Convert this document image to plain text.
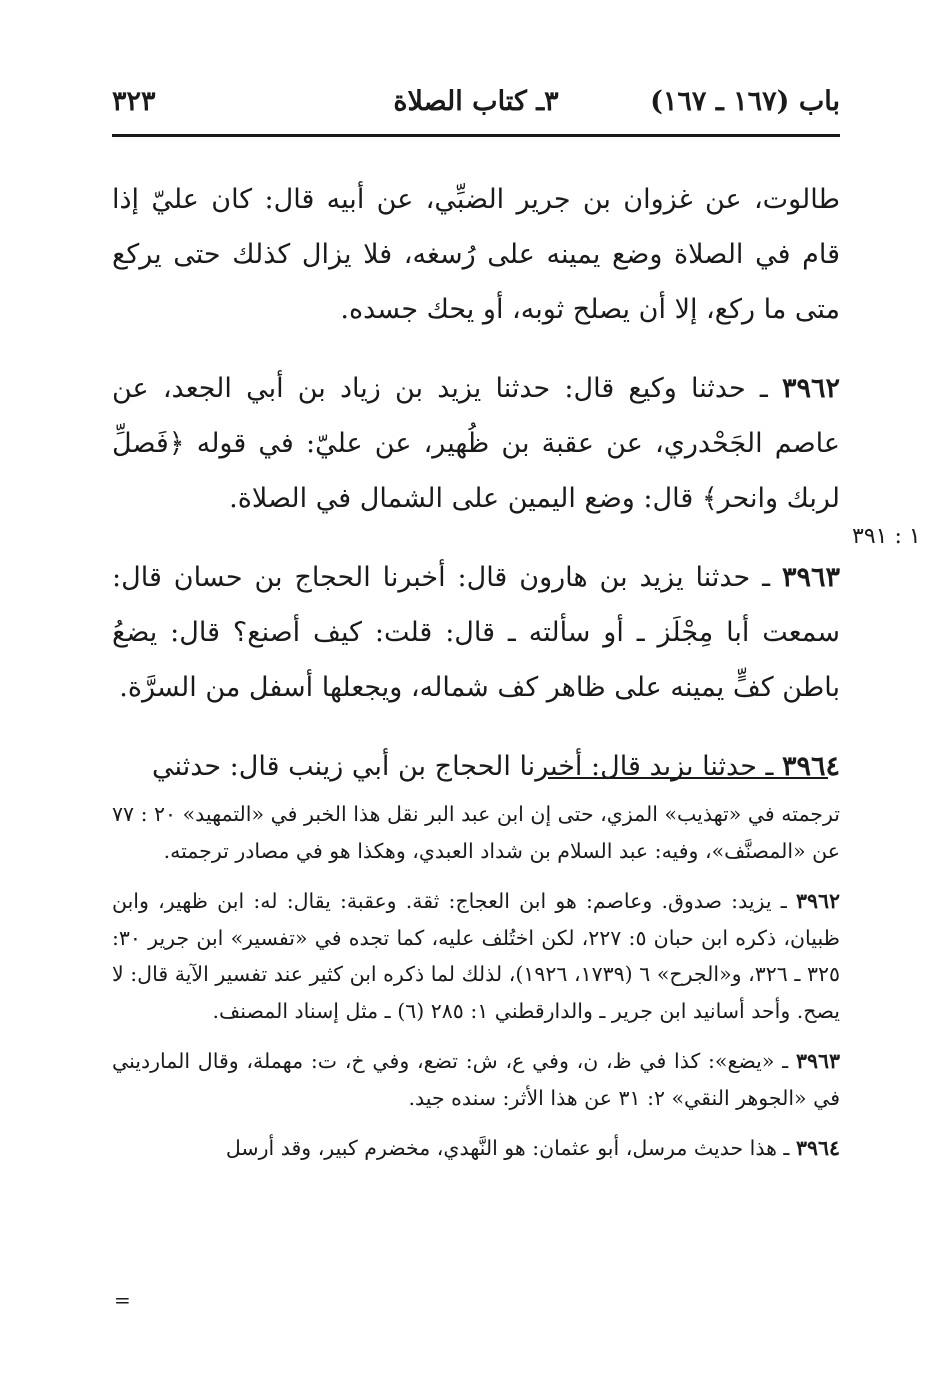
باب (١٦٧ ـ ١٦٧)
٣ـ كتاب الصلاة
٣٢٣

طالوت، عن غزوان بن جرير الضبِّي، عن أبيه قال: كان عليّ إذا قام في الصلاة وضع يمينه على رُسغه، فلا يزال كذلك حتى يركع متى ما ركع، إلا أن يصلح ثوبه، أو يحك جسده.

٣٩٦٢ ـ حدثنا وكيع قال: حدثنا يزيد بن زياد بن أبي الجعد، عن عاصم الجَحْدري، عن عقبة بن ظُهير، عن عليّ: في قوله ﴿فَصلِّ لربك وانحر﴾ قال: وضع اليمين على الشمال في الصلاة.

٣٩٦٣ ـ حدثنا يزيد بن هارون قال: أخبرنا الحجاج بن حسان قال: سمعت أبا مِجْلَز ـ أو سألته ـ قال: قلت: كيف أصنع؟ قال: يضعُ باطن كفٍّ يمينه على ظاهر كف شماله، ويجعلها أسفل من السرَّة.

٣٩٦٤ ـ حدثنا يزيد قال: أخبرنا الحجاج بن أبي زينب قال: حدثني

١ : ٣٩١

ترجمته في «تهذيب» المزي، حتى إن ابن عبد البر نقل هذا الخبر في «التمهيد» ٢٠ : ٧٧ عن «المصنَّف»، وفيه: عبد السلام بن شداد العبدي، وهكذا هو في مصادر ترجمته.

٣٩٦٢ ـ يزيد: صدوق. وعاصم: هو ابن العجاج: ثقة. وعقبة: يقال: له: ابن ظهير، وابن ظبيان، ذكره ابن حبان ٥: ٢٢٧، لكن اختُلف عليه، كما تجده في «تفسير» ابن جرير ٣٠: ٣٢٥ ـ ٣٢٦، و«الجرح» ٦ (١٧٣٩، ١٩٢٦)، لذلك لما ذكره ابن كثير عند تفسير الآية قال: لا يصح. وأحد أسانيد ابن جرير ـ والدارقطني ١: ٢٨٥ (٦) ـ مثل إسناد المصنف.

٣٩٦٣ ـ «يضع»: كذا في ظ، ن، وفي ع، ش: تضع، وفي خ، ت: مهملة، وقال المارديني في «الجوهر النقي» ٢: ٣١ عن هذا الأثر: سنده جيد.

٣٩٦٤ ـ هذا حديث مرسل، أبو عثمان: هو النَّهدي، مخضرم كبير، وقد أرسل

=
